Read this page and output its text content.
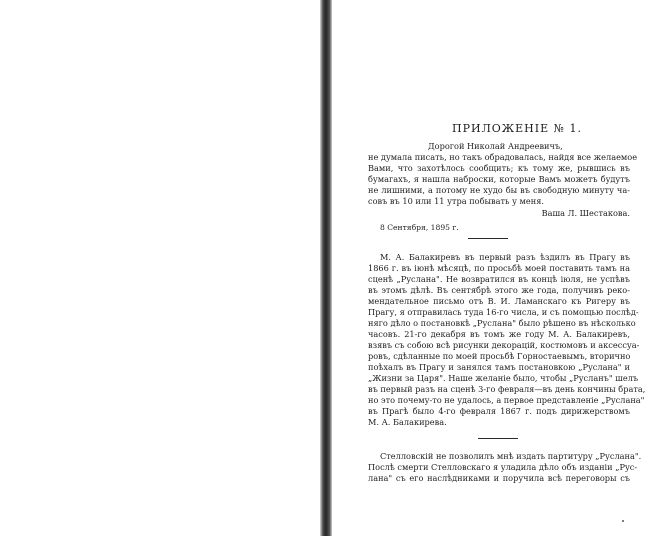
ПРИЛОЖЕНІЕ № 1.
Дорогой Николай Андреевичъ,
не думала писать, но такъ обрадовалась, найдя все желаемое
Вами, что захотѣлось сообщить; къ тому же, рывшись въ
бумагахъ, я нашла наброски, которые Вамъ можетъ будутъ
не лишними, а потому не худо бы въ свободную минуту ча-
совъ въ 10 или 11 утра побывать у меня.
Ваша Л. Шестакова.
8 Сентября, 1895 г.
М. А. Балакиревъ въ первый разъ ѣздилъ въ Прагу въ
1866 г. въ іюнѣ мѣсяцѣ, по просьбѣ моей поставить тамъ на
сценѣ „Руслана". Не возвратился въ концѣ іюля, не успѣвъ
въ этомъ дѣлѣ. Въ сентябрѣ этого же года, получивъ реко-
мендательное письмо отъ В. И. Ламанскаго къ Ригеру въ
Прагу, я отправилась туда 16-го числа, и съ помощью послѣд-
няго дѣло о постановкѣ „Руслана" было рѣшено въ нѣсколько
часовъ. 21-го декабря въ томъ же году М. А. Балакиревъ,
взявъ съ собою всѣ рисунки декорацій, костюмовъ и аксессуа-
ровъ, сдѣланные по моей просьбѣ Горностаевымъ, вторично
поѣхалъ въ Прагу и занялся тамъ постановкою „Руслана" и
„Жизни за Царя". Наше желаніе было, чтобы „Русланъ" шелъ
въ первый разъ на сценѣ 3-го февраля—въ день кончины брата,
но это почему-то не удалось, а первое представленіе „Руслана"
въ Прагѣ было 4-го февраля 1867 г. подъ дирижерствомъ
М. А. Балакирева.
Стелловскій не позволилъ мнѣ издать партитуру „Руслана".
Послѣ смерти Стелловскаго я уладила дѣло объ изданіи „Рус-
лана" съ его наслѣдниками и поручила всѣ переговоры съ
